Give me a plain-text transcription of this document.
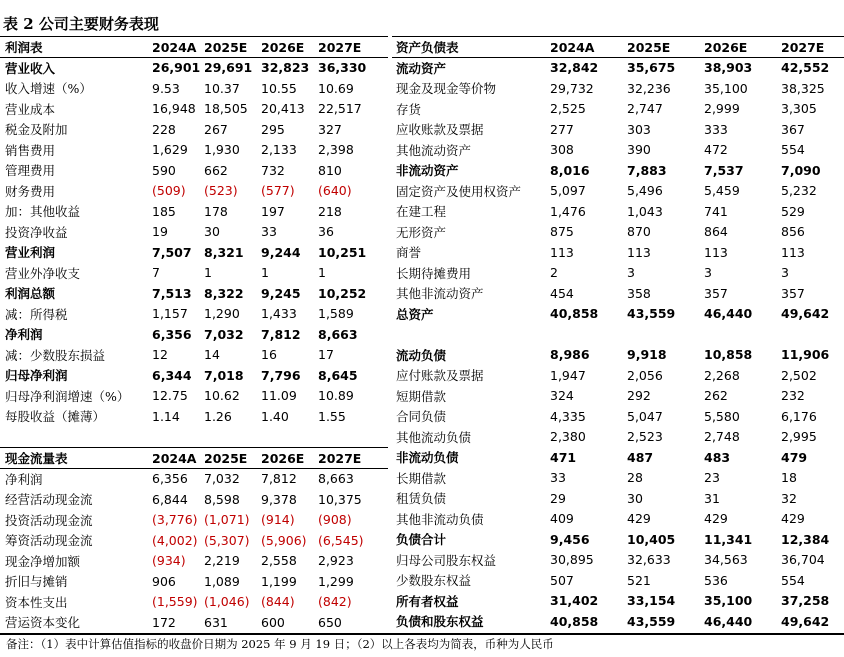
表 2 公司主要财务表现
利润表	2024A	2025E	2026E	2027E
营业收入	26,901	29,691	32,823	36,330
收入增速（%）	9.53	10.37	10.55	10.69
营业成本	16,948	18,505	20,413	22,517
税金及附加	228	267	295	327
销售费用	1,629	1,930	2,133	2,398
管理费用	590	662	732	810
财务费用	(509)	(523)	(577)	(640)
加：其他收益	185	178	197	218
投资净收益	19	30	33	36
营业利润	7,507	8,321	9,244	10,251
营业外净收支	7	1	1	1
利润总额	7,513	8,322	9,245	10,252
减：所得税	1,157	1,290	1,433	1,589
净利润	6,356	7,032	7,812	8,663
减：少数股东损益	12	14	16	17
归母净利润	6,344	7,018	7,796	8,645
归母净利润增速（%）	12.75	10.62	11.09	10.89
每股收益（摊薄）	1.14	1.26	1.40	1.55
现金流量表	2024A	2025E	2026E	2027E
净利润	6,356	7,032	7,812	8,663
经营活动现金流	6,844	8,598	9,378	10,375
投资活动现金流	(3,776)	(1,071)	(914)	(908)
筹资活动现金流	(4,002)	(5,307)	(5,906)	(6,545)
现金净增加额	(934)	2,219	2,558	2,923
折旧与摊销	906	1,089	1,199	1,299
资本性支出	(1,559)	(1,046)	(844)	(842)
营运资本变化	172	631	600	650
资产负债表	2024A	2025E	2026E	2027E
流动资产	32,842	35,675	38,903	42,552
现金及现金等价物	29,732	32,236	35,100	38,325
存货	2,525	2,747	2,999	3,305
应收账款及票据	277	303	333	367
其他流动资产	308	390	472	554
非流动资产	8,016	7,883	7,537	7,090
固定资产及使用权资产	5,097	5,496	5,459	5,232
在建工程	1,476	1,043	741	529
无形资产	875	870	864	856
商誉	113	113	113	113
长期待摊费用	2	3	3	3
其他非流动资产	454	358	357	357
总资产	40,858	43,559	46,440	49,642

流动负债	8,986	9,918	10,858	11,906
应付账款及票据	1,947	2,056	2,268	2,502
短期借款	324	292	262	232
合同负债	4,335	5,047	5,580	6,176
其他流动负债	2,380	2,523	2,748	2,995
非流动负债	471	487	483	479
长期借款	33	28	23	18
租赁负债	29	30	31	32
其他非流动负债	409	429	429	429
负债合计	9,456	10,405	11,341	12,384
归母公司股东权益	30,895	32,633	34,563	36,704
少数股东权益	507	521	536	554
所有者权益	31,402	33,154	35,100	37,258
负债和股东权益	40,858	43,559	46,440	49,642
备注：（1）表中计算估值指标的收盘价日期为 2025 年 9 月 19 日；（2）以上各表均为简表，币种为人民币
